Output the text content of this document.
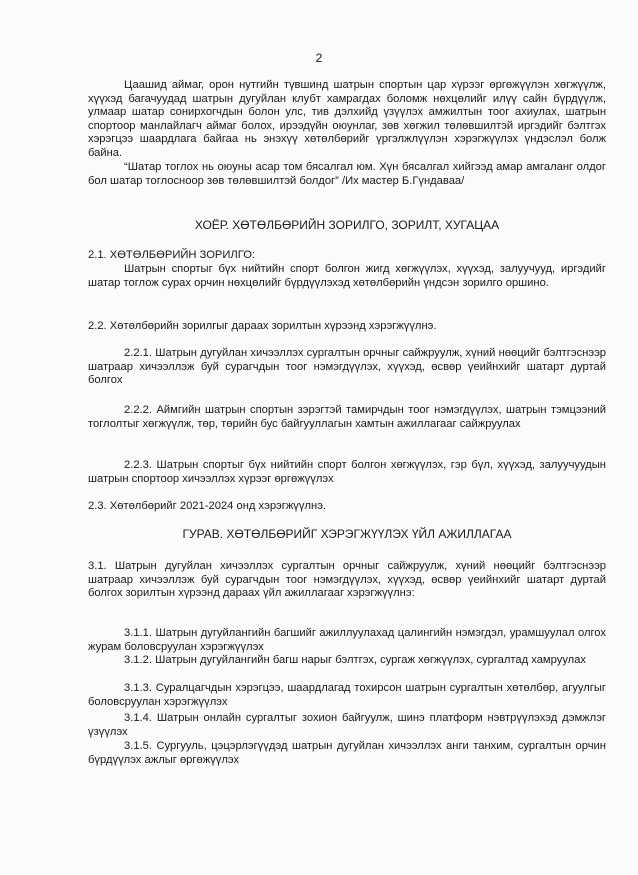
2

Цаашид аймаг, орон нутгийн түвшинд шатрын спортын цар хүрээг өргөжүүлэн хөгжүүлж, хүүхэд багачуудад шатрын дугуйлан клубт хамрагдах боломж нөхцөлийг илүү сайн бүрдүүлж, улмаар шатар сонирхогчдын болон улс, тив дэлхийд үзүүлэх амжилтын тоог ахиулах, шатрын спортоор манлайлагч аймаг болох, ирээдүйн оюунлаг, зөв хөгжил төлөвшилтэй иргэдийг бэлтгэх хэрэгцээ шаардлага байгаа нь энэхүү хөтөлбөрийг үргэлжлүүлэн хэрэгжүүлэх үндэслэл болж байна.

“Шатар тоглох нь оюуны асар том бясалгал юм. Хүн бясалгал хийгээд амар амгаланг олдог бол шатар тоглосноор зөв төлөвшилтэй болдог” /Их мастер Б.Гүндаваа/

ХОЁР. ХӨТӨЛБӨРИЙН ЗОРИЛГО, ЗОРИЛТ, ХУГАЦАА

2.1. ХӨТӨЛБӨРИЙН ЗОРИЛГО:

Шатрын спортыг бүх нийтийн спорт болгон жигд хөгжүүлэх, хүүхэд, залуучууд, иргэдийг шатар тоглож сурах орчин нөхцөлийг бүрдүүлэхэд хөтөлбөрийн үндсэн зорилго оршино.

2.2. Хөтөлбөрийн зорилгыг дараах зорилтын хүрээнд хэрэгжүүлнэ.

2.2.1. Шатрын дугуйлан хичээллэх сургалтын орчныг сайжруулж, хүний нөөцийг бэлтгэснээр шатраар хичээллэж буй сурагчдын тоог нэмэгдүүлэх, хүүхэд, өсвөр үеийнхийг шатарт дуртай болгох

2.2.2. Аймгийн шатрын спортын зэрэгтэй тамирчдын тоог нэмэгдүүлэх, шатрын тэмцээний тоглолтыг хөгжүүлж, төр, төрийн бус байгууллагын хамтын ажиллагааг сайжруулах

2.2.3. Шатрын спортыг бүх нийтийн спорт болгон хөгжүүлэх, гэр бүл, хүүхэд, залуучуудын шатрын спортоор хичээллэх хүрээг өргөжүүлэх

2.3. Хөтөлбөрийг 2021-2024 онд хэрэгжүүлнэ.

ГУРАВ. ХӨТӨЛБӨРИЙГ ХЭРЭГЖҮҮЛЭХ ҮЙЛ АЖИЛЛАГАА

3.1. Шатрын дугуйлан хичээллэх сургалтын орчныг сайжруулж, хүний нөөцийг бэлтгэснээр шатраар хичээллэж буй сурагчдын тоог нэмэгдүүлэх, хүүхэд, өсвөр үеийнхийг шатарт дуртай болгох зорилтын хүрээнд дараах үйл ажиллагааг хэрэгжүүлнэ:

3.1.1. Шатрын дугуйлангийн багшийг ажиллуулахад цалингийн нэмэгдэл, урамшуулал олгох журам боловсруулан хэрэгжүүлэх

3.1.2. Шатрын дугуйлангийн багш нарыг бэлтгэх, сургаж хөгжүүлэх, сургалтад хамруулах

3.1.3. Суралцагчдын хэрэгцээ, шаардлагад тохирсон шатрын сургалтын хөтөлбөр, агуулгыг боловсруулан хэрэгжүүлэх

3.1.4. Шатрын онлайн сургалтыг зохион байгуулж, шинэ платформ нэвтрүүлэхэд дэмжлэг үзүүлэх

3.1.5. Сургууль, цэцэрлэгүүдэд шатрын дугуйлан хичээллэх анги танхим, сургалтын орчин бүрдүүлэх ажлыг өргөжүүлэх
